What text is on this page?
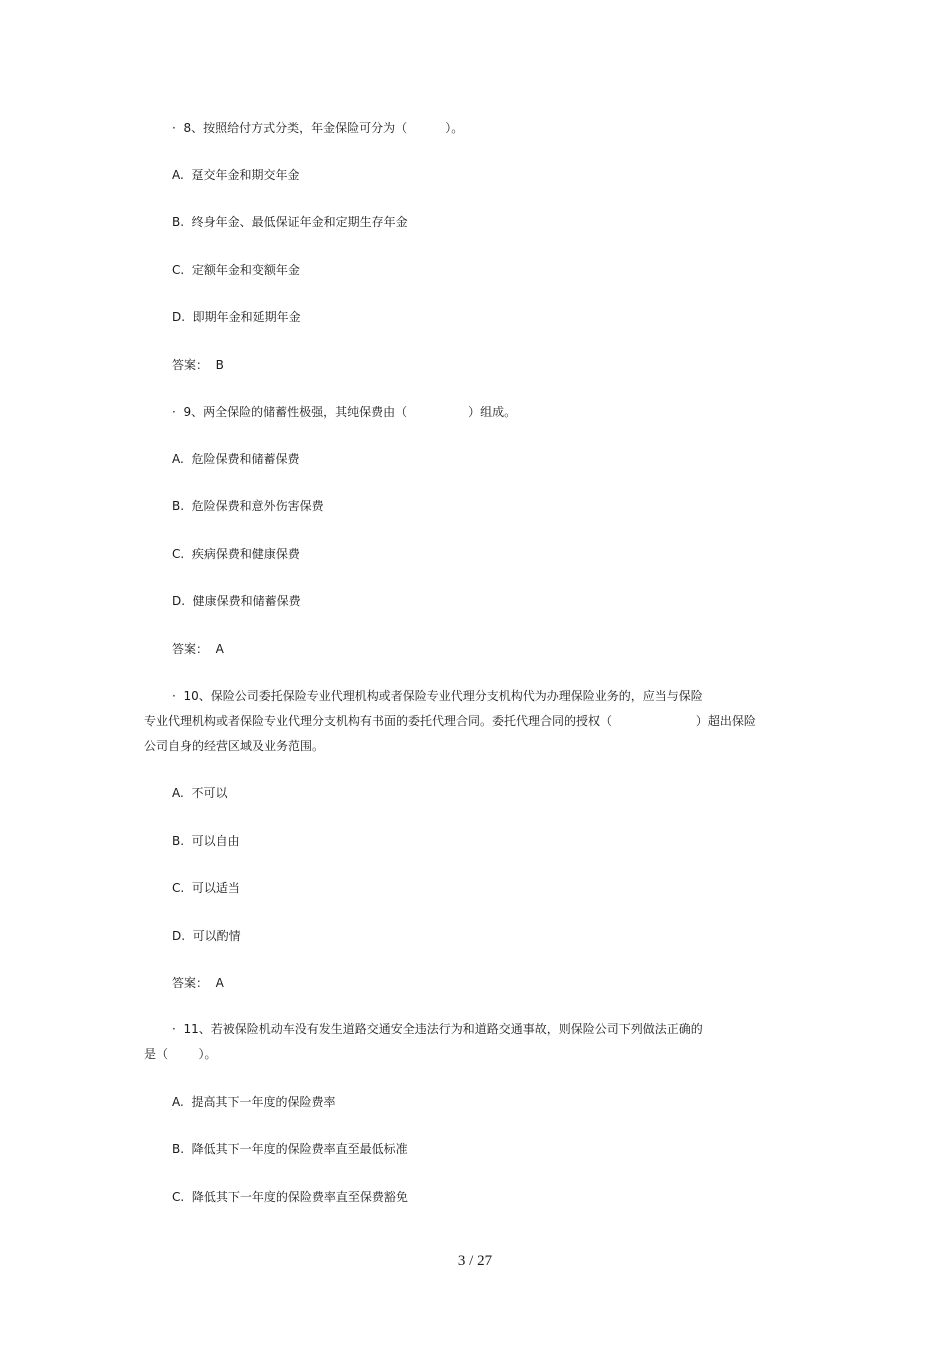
·  8、按照给付方式分类，年金保险可分为（          ）。
A.  趸交年金和期交年金
B.  终身年金、最低保证年金和定期生存年金
C.  定额年金和变额年金
D.  即期年金和延期年金
答案：  B
·  9、两全保险的储蓄性极强，其纯保费由（                ）组成。
A.  危险保费和储蓄保费
B.  危险保费和意外伤害保费
C.  疾病保费和健康保费
D.  健康保费和储蓄保费
答案：  A
·  10、保险公司委托保险专业代理机构或者保险专业代理分支机构代为办理保险业务的，应当与保险
专业代理机构或者保险专业代理分支机构有书面的委托代理合同。委托代理合同的授权（                      ）超出保险
公司自身的经营区域及业务范围。
A.  不可以
B.  可以自由
C.  可以适当
D.  可以酌情
答案：  A
·  11、若被保险机动车没有发生道路交通安全违法行为和道路交通事故，则保险公司下列做法正确的
是（        ）。
A.  提高其下一年度的保险费率
B.  降低其下一年度的保险费率直至最低标准
C.  降低其下一年度的保险费率直至保费豁免
3 / 27
